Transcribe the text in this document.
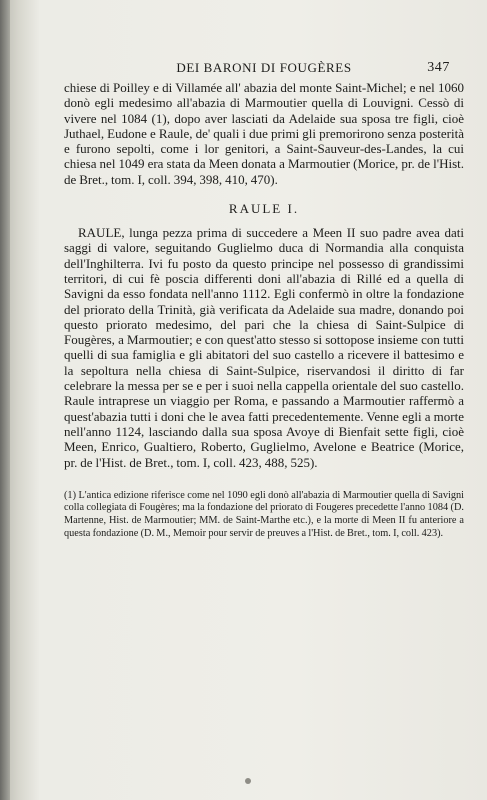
DEI BARONI DI FOUGÈRES	347

chiese di Poilley e di Villamée all' abazia del monte Saint-Michel; e nel 1060 donò egli medesimo all'abazia di Marmoutier quella di Louvigni. Cessò di vivere nel 1084 (1), dopo aver lasciati da Adelaide sua sposa tre figli, cioè Juthael, Eudone e Raule, de' quali i due primi gli premorirono senza posterità e furono sepolti, come i lor genitori, a Saint-Sauveur-des-Landes, la cui chiesa nel 1049 era stata da Meen donata a Marmoutier (Morice, pr. de l'Hist. de Bret., tom. I, coll. 394, 398, 410, 470).

RAULE I.

RAULE, lunga pezza prima di succedere a Meen II suo padre avea dati saggi di valore, seguitando Guglielmo duca di Normandia alla conquista dell'Inghilterra. Ivi fu posto da questo principe nel possesso di grandissimi territori, di cui fè poscia differenti doni all'abazia di Rillé ed a quella di Savigni da esso fondata nell'anno 1112. Egli confermò in oltre la fondazione del priorato della Trinità, già verificata da Adelaide sua madre, donando poi questo priorato medesimo, del pari che la chiesa di Saint-Sulpice di Fougères, a Marmoutier; e con quest'atto stesso si sottopose insieme con tutti quelli di sua famiglia e gli abitatori del suo castello a ricevere il battesimo e la sepoltura nella chiesa di Saint-Sulpice, riservandosi il diritto di far celebrare la messa per se e per i suoi nella cappella orientale del suo castello. Raule intraprese un viaggio per Roma, e passando a Marmoutier raffermò a quest'abazia tutti i doni che le avea fatti precedentemente. Venne egli a morte nell'anno 1124, lasciando dalla sua sposa Avoye di Bienfait sette figli, cioè Meen, Enrico, Gualtiero, Roberto, Guglielmo, Avelone e Beatrice (Morice, pr. de l'Hist. de Bret., tom. I, coll. 423, 488, 525).

(1) L'antica edizione riferisce come nel 1090 egli donò all'abazia di Marmoutier quella di Savigni colla collegiata di Fougères; ma la fondazione del priorato di Fougeres precedette l'anno 1084 (D. Martenne, Hist. de Marmoutier; MM. de Saint-Marthe etc.), e la morte di Meen II fu anteriore a questa fondazione (D. M., Memoir pour servir de preuves a l'Hist. de Bret., tom. I, coll. 423).
